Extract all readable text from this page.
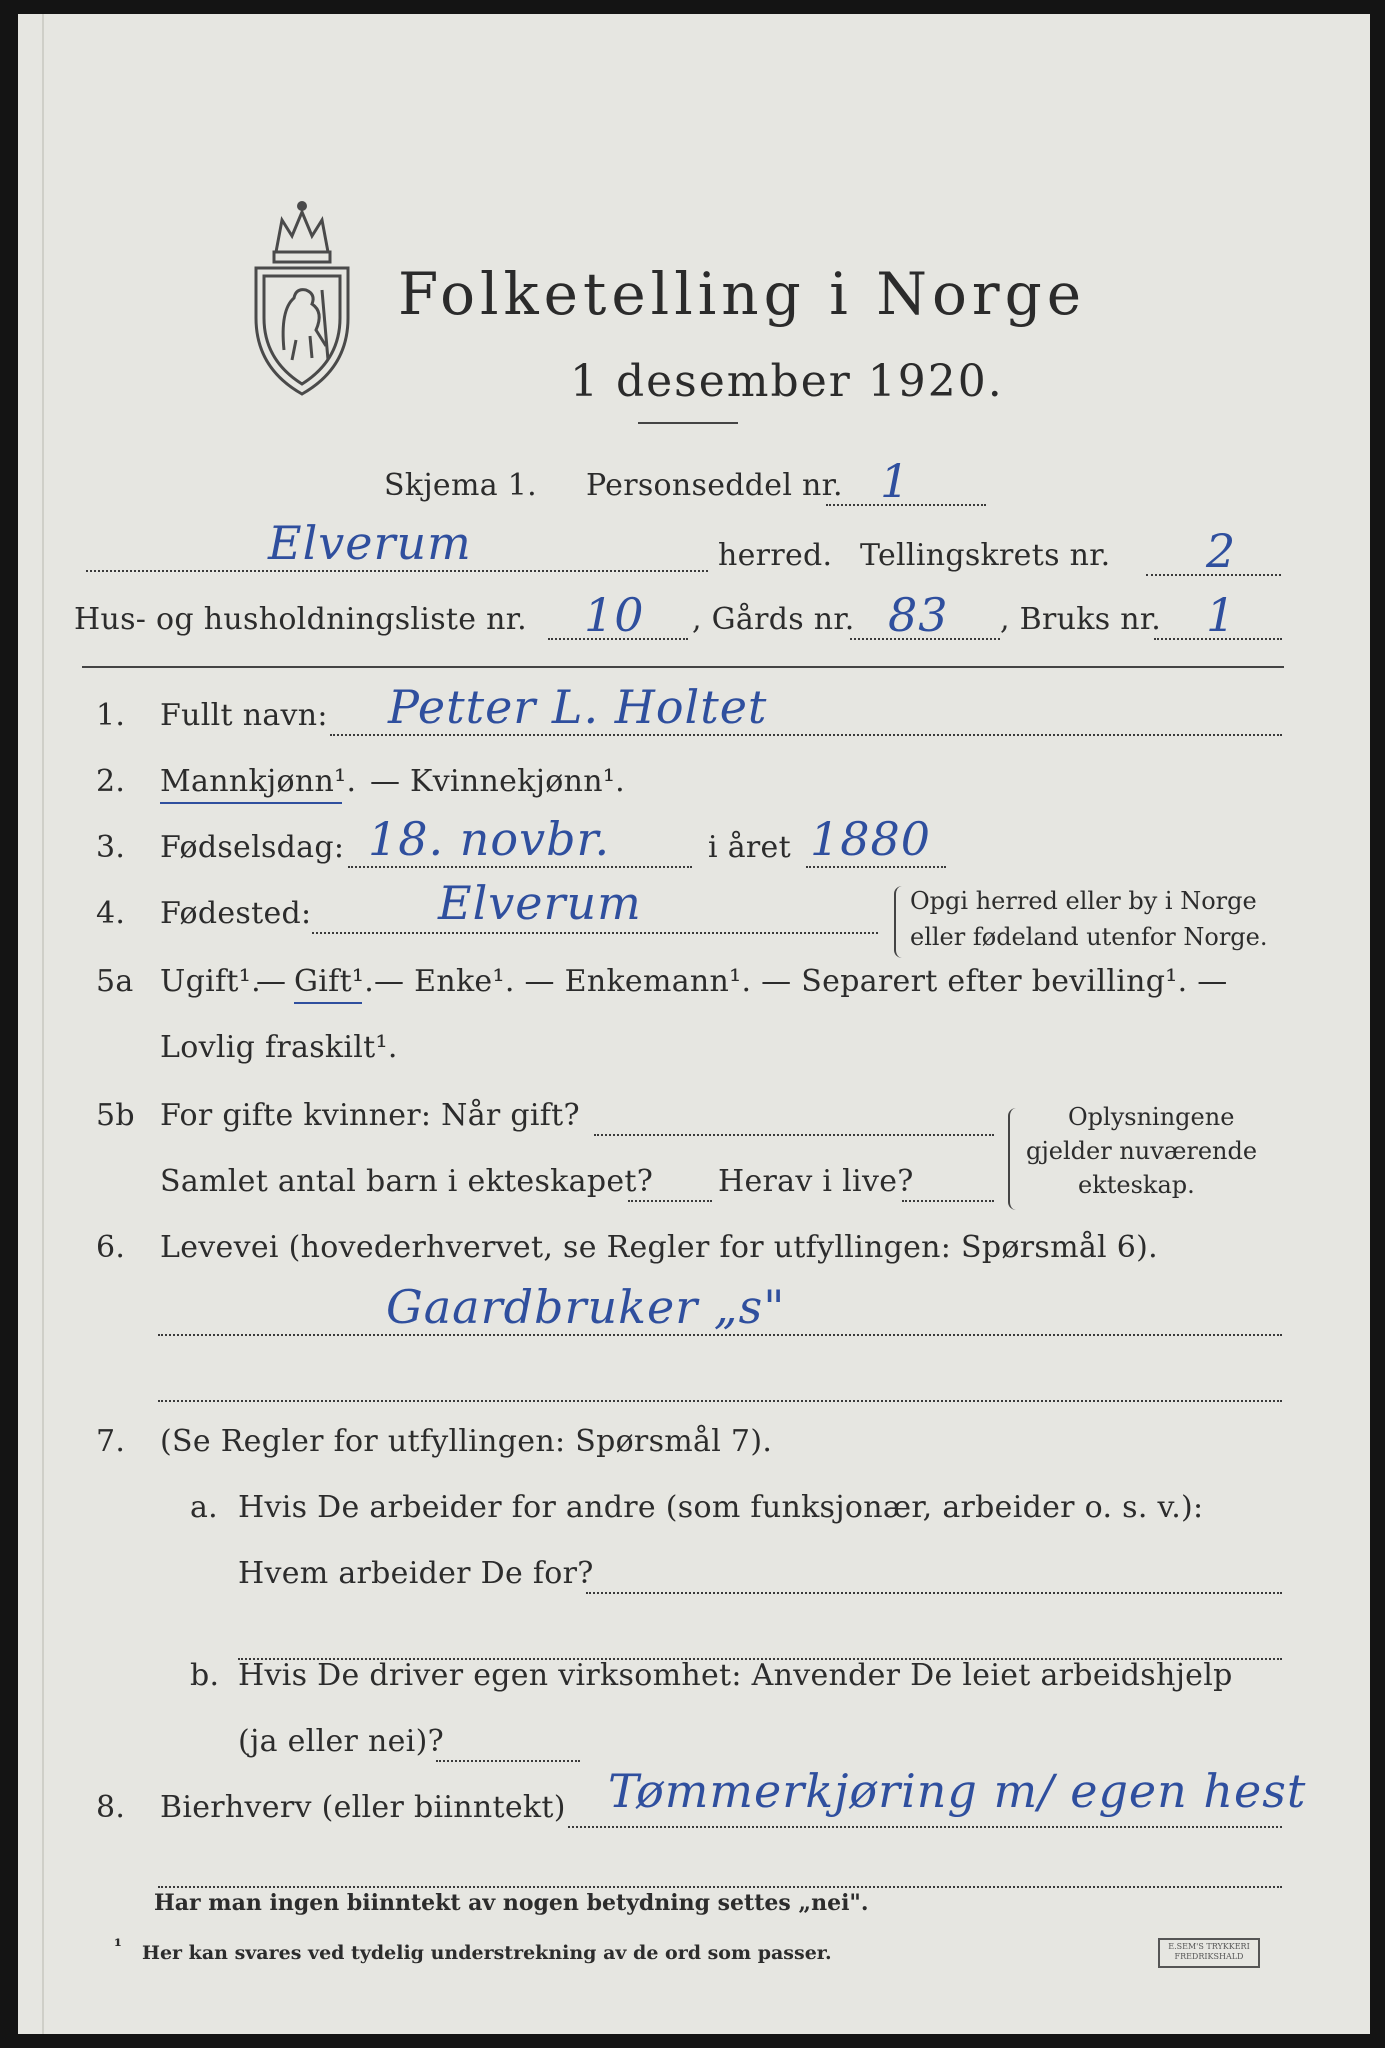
Folketelling i Norge
1 desember 1920.
Skjema 1. Personseddel nr. 1
Elverum	herred. Tellingskrets nr. 2
Hus- og husholdningsliste nr. 10 , Gårds nr. 83 , Bruks nr. 1
1. Fullt navn: Petter L. Holtet
2. Mannkjønn¹. — Kvinnekjønn¹.
3. Fødselsdag: 18. novbr.	i året 1880
4. Fødested:	Elverum	Opgi herred eller by i Norge
eller fødeland utenfor Norge.
5a Ugift¹.
— Gift¹. — Enke¹. — Enkemann¹. — Separert efter bevilling¹. —
Lovlig fraskilt¹.
5b For gifte kvinner: Når gift?
Samlet antal barn i ekteskapet? Herav i live?
Oplysningene
gjelder nuværende
ekteskap.
6. Levevei (hovederhvervet, se Regler for utfyllingen: Spørsmål 6).
Gaardbruker „s"
7. (Se Regler for utfyllingen: Spørsmål 7).
a. Hvis De arbeider for andre (som funksjonær, arbeider o. s. v.):
Hvem arbeider De for?
b. Hvis De driver egen virksomhet: Anvender De leiet arbeidshjelp
(ja eller nei)?
8. Bierhverv (eller biinntekt) Tømmerkjøring m/ egen hest
Har man ingen biinntekt av nogen betydning settes „nei".
¹ Her kan svares ved tydelig understrekning av de ord som passer.	E.SEM'S TRYKKERI FREDRIKSHALD
